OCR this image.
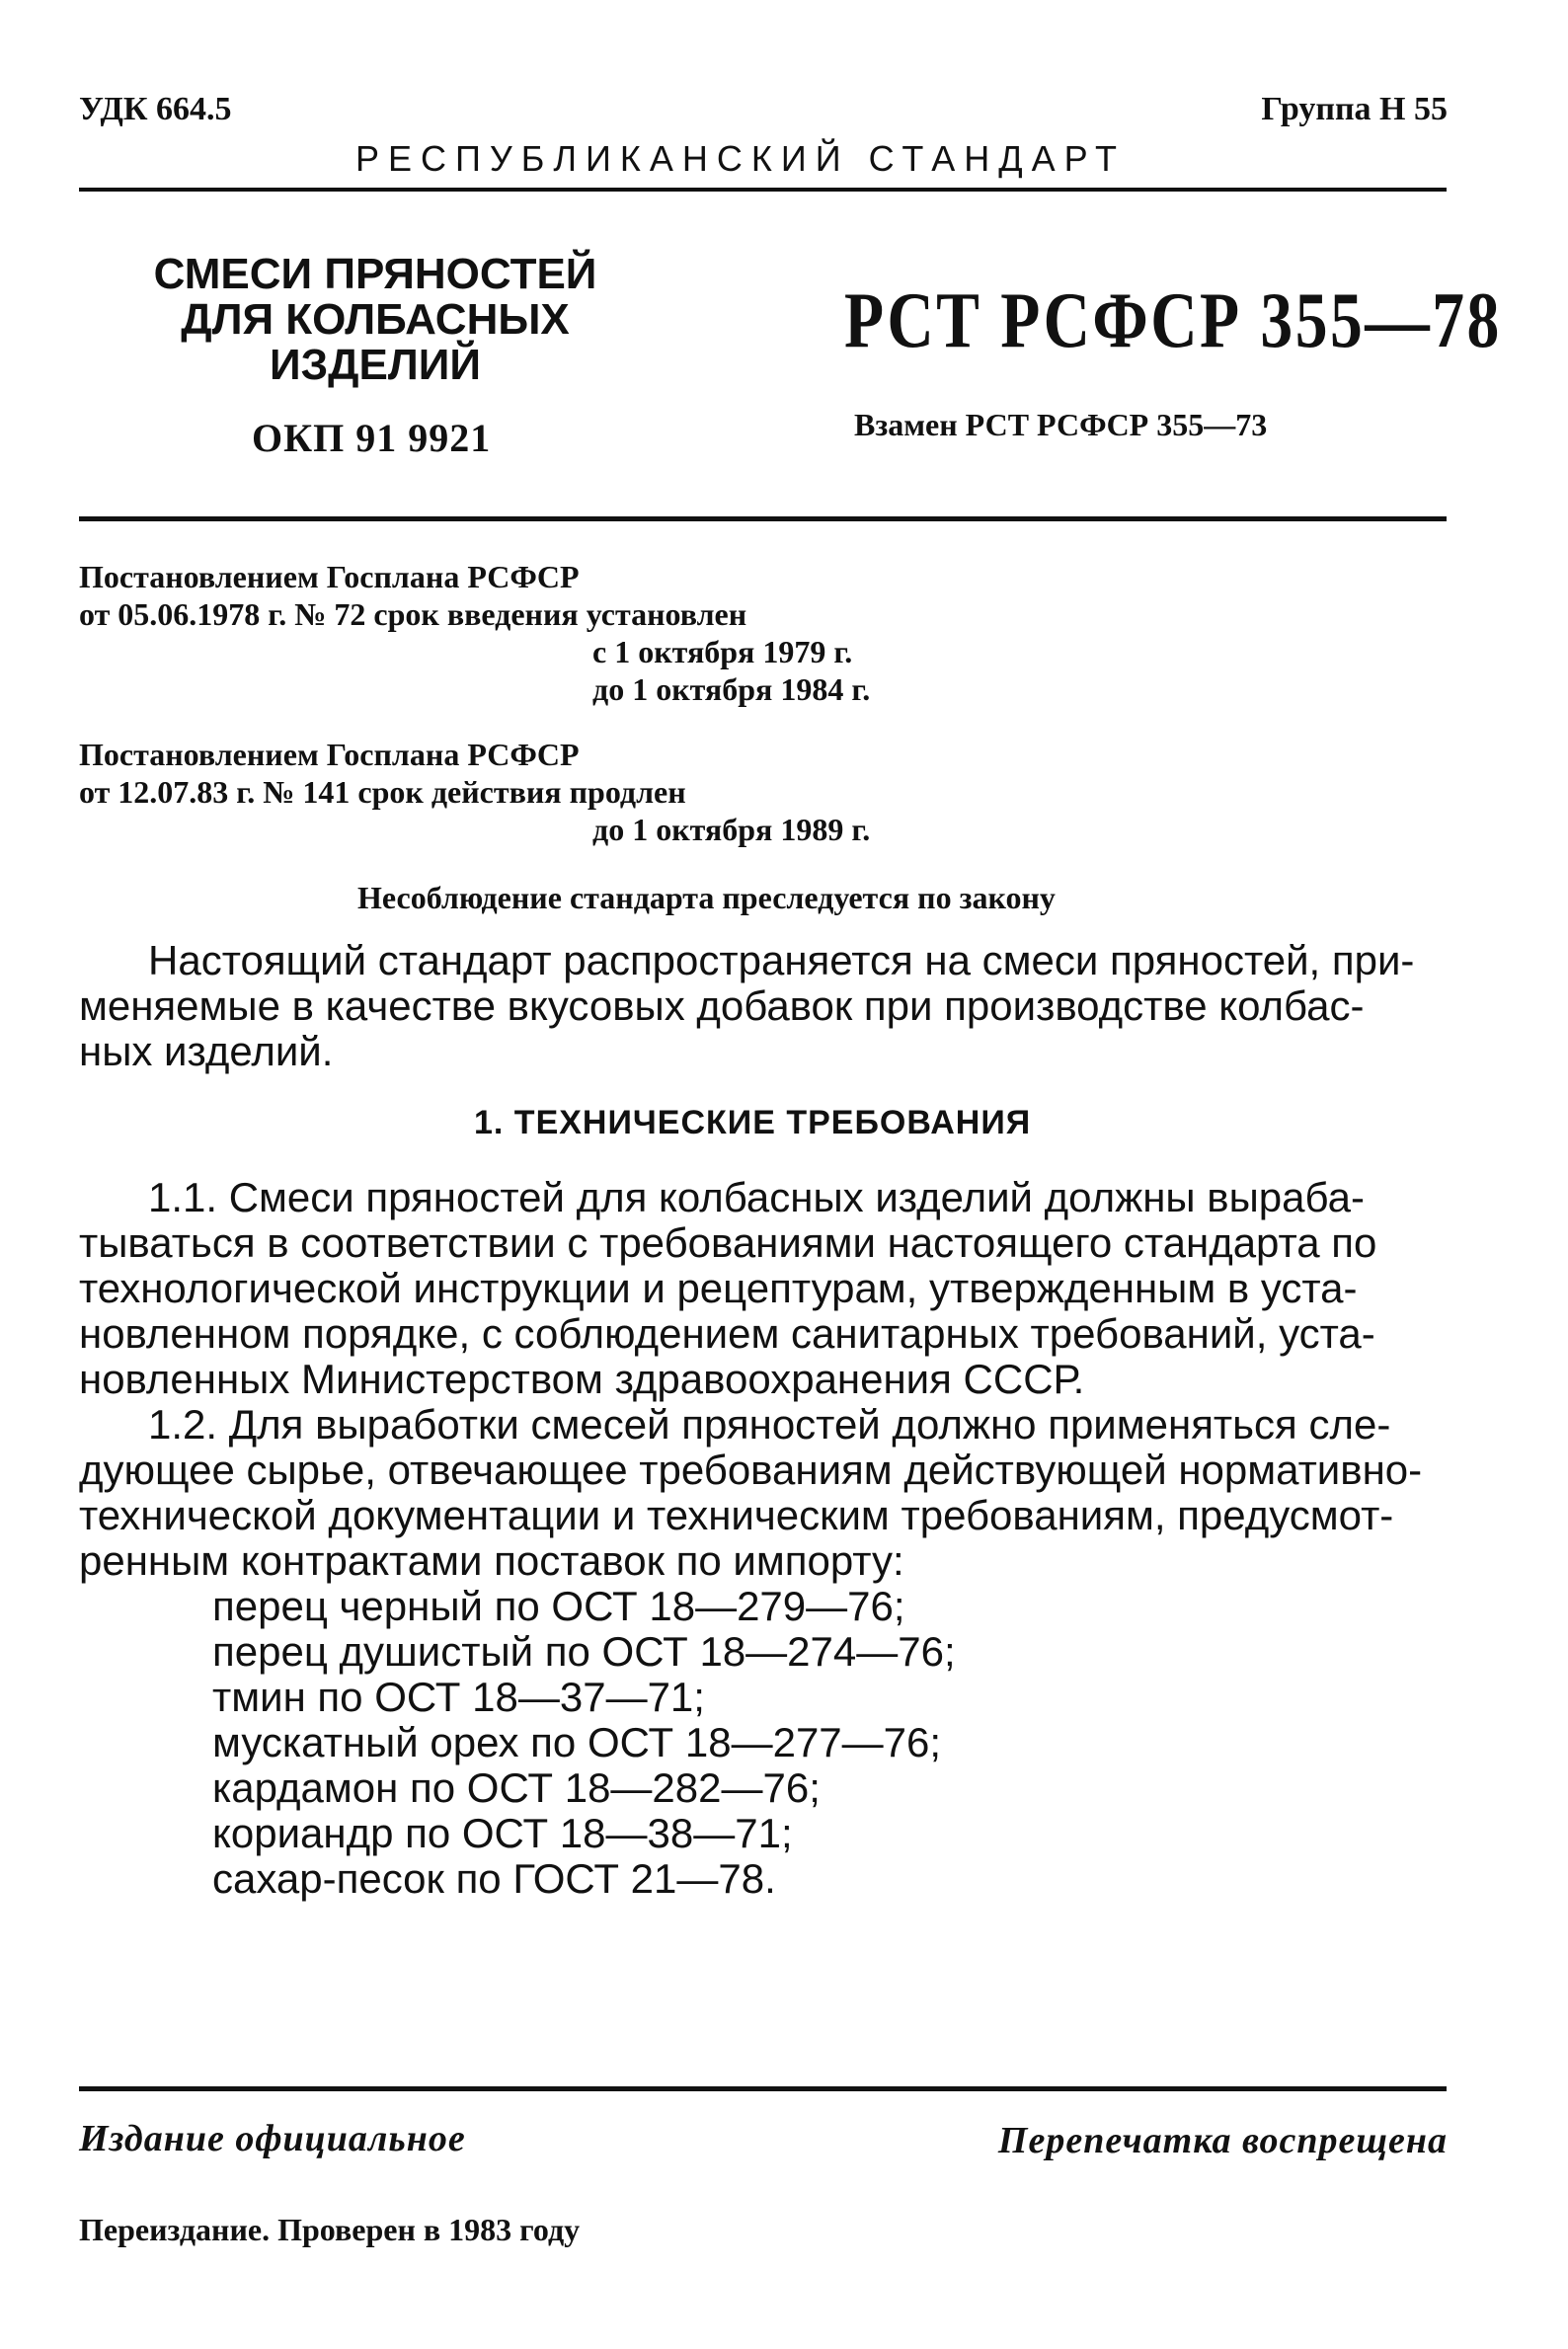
УДК 664.5	Группа Н 55
РЕСПУБЛИКАНСКИЙ СТАНДАРТ
СМЕСИ ПРЯНОСТЕЙ
ДЛЯ КОЛБАСНЫХ
ИЗДЕЛИЙ
ОКП 91 9921
РСТ РСФСР 355—78
Взамен РСТ РСФСР 355—73
Постановлением Госплана РСФСР
от 05.06.1978 г. № 72 срок введения установлен
с 1 октября 1979 г.
до 1 октября 1984 г.
Постановлением Госплана РСФСР
от 12.07.83 г. № 141 срок действия продлен
до 1 октября 1989 г.
Несоблюдение стандарта преследуется по закону
Настоящий стандарт распространяется на смеси пряностей, при-
меняемые в качестве вкусовых добавок при производстве колбас-
ных изделий.
1. ТЕХНИЧЕСКИЕ ТРЕБОВАНИЯ
1.1. Смеси пряностей для колбасных изделий должны выраба-
тываться в соответствии с требованиями настоящего стандарта по
технологической инструкции и рецептурам, утвержденным в уста-
новленном порядке, с соблюдением санитарных требований, уста-
новленных Министерством здравоохранения СССР.
1.2. Для выработки смесей пряностей должно применяться сле-
дующее сырье, отвечающее требованиям действующей нормативно-
технической документации и техническим требованиям, предусмот-
ренным контрактами поставок по импорту:
перец черный по ОСТ 18—279—76;
перец душистый по ОСТ 18—274—76;
тмин по ОСТ 18—37—71;
мускатный орех по ОСТ 18—277—76;
кардамон по ОСТ 18—282—76;
кориандр по ОСТ 18—38—71;
сахар-песок по ГОСТ 21—78.
Издание официальное	Перепечатка воспрещена
Переиздание. Проверен в 1983 году
